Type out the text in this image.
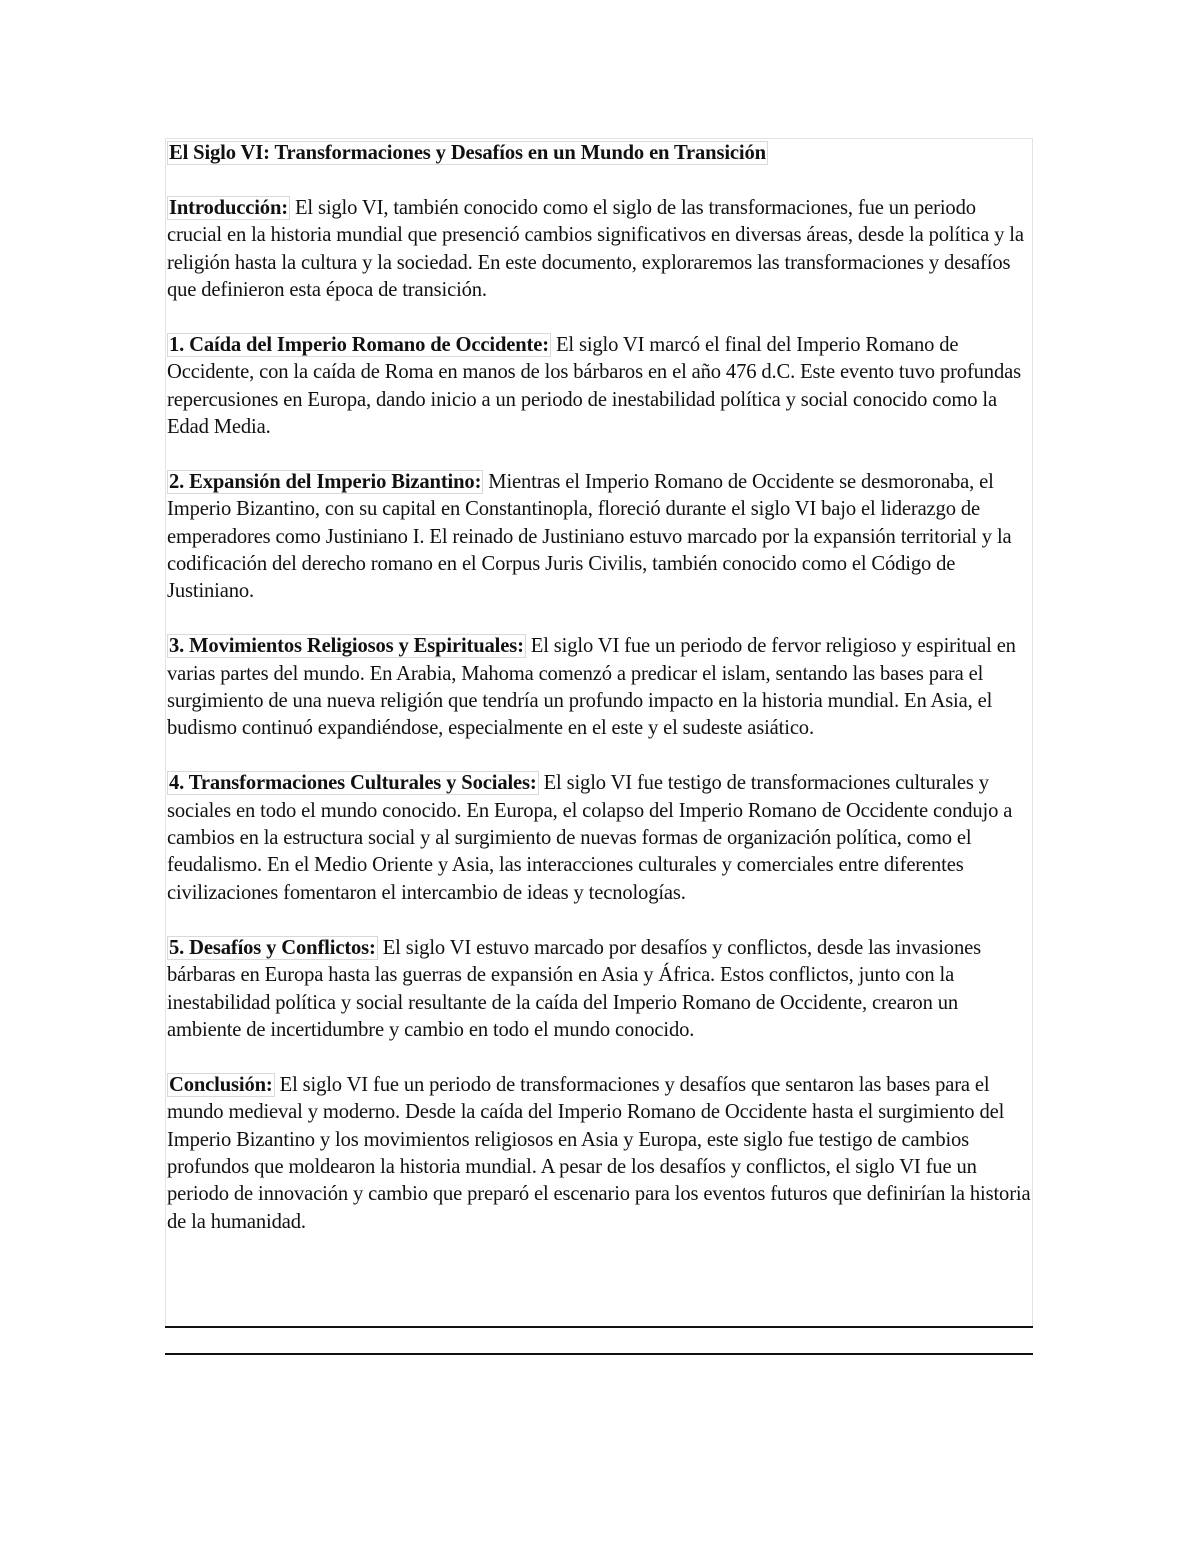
El Siglo VI: Transformaciones y Desafíos en un Mundo en Transición

Introducción: El siglo VI, también conocido como el siglo de las transformaciones, fue un periodo crucial en la historia mundial que presenció cambios significativos en diversas áreas, desde la política y la religión hasta la cultura y la sociedad. En este documento, exploraremos las transformaciones y desafíos que definieron esta época de transición.

1. Caída del Imperio Romano de Occidente: El siglo VI marcó el final del Imperio Romano de Occidente, con la caída de Roma en manos de los bárbaros en el año 476 d.C. Este evento tuvo profundas repercusiones en Europa, dando inicio a un periodo de inestabilidad política y social conocido como la Edad Media.

2. Expansión del Imperio Bizantino: Mientras el Imperio Romano de Occidente se desmoronaba, el Imperio Bizantino, con su capital en Constantinopla, floreció durante el siglo VI bajo el liderazgo de emperadores como Justiniano I. El reinado de Justiniano estuvo marcado por la expansión territorial y la codificación del derecho romano en el Corpus Juris Civilis, también conocido como el Código de Justiniano.

3. Movimientos Religiosos y Espirituales: El siglo VI fue un periodo de fervor religioso y espiritual en varias partes del mundo. En Arabia, Mahoma comenzó a predicar el islam, sentando las bases para el surgimiento de una nueva religión que tendría un profundo impacto en la historia mundial. En Asia, el budismo continuó expandiéndose, especialmente en el este y el sudeste asiático.

4. Transformaciones Culturales y Sociales: El siglo VI fue testigo de transformaciones culturales y sociales en todo el mundo conocido. En Europa, el colapso del Imperio Romano de Occidente condujo a cambios en la estructura social y al surgimiento de nuevas formas de organización política, como el feudalismo. En el Medio Oriente y Asia, las interacciones culturales y comerciales entre diferentes civilizaciones fomentaron el intercambio de ideas y tecnologías.

5. Desafíos y Conflictos: El siglo VI estuvo marcado por desafíos y conflictos, desde las invasiones bárbaras en Europa hasta las guerras de expansión en Asia y África. Estos conflictos, junto con la inestabilidad política y social resultante de la caída del Imperio Romano de Occidente, crearon un ambiente de incertidumbre y cambio en todo el mundo conocido.

Conclusión: El siglo VI fue un periodo de transformaciones y desafíos que sentaron las bases para el mundo medieval y moderno. Desde la caída del Imperio Romano de Occidente hasta el surgimiento del Imperio Bizantino y los movimientos religiosos en Asia y Europa, este siglo fue testigo de cambios profundos que moldearon la historia mundial. A pesar de los desafíos y conflictos, el siglo VI fue un periodo de innovación y cambio que preparó el escenario para los eventos futuros que definirían la historia de la humanidad.
